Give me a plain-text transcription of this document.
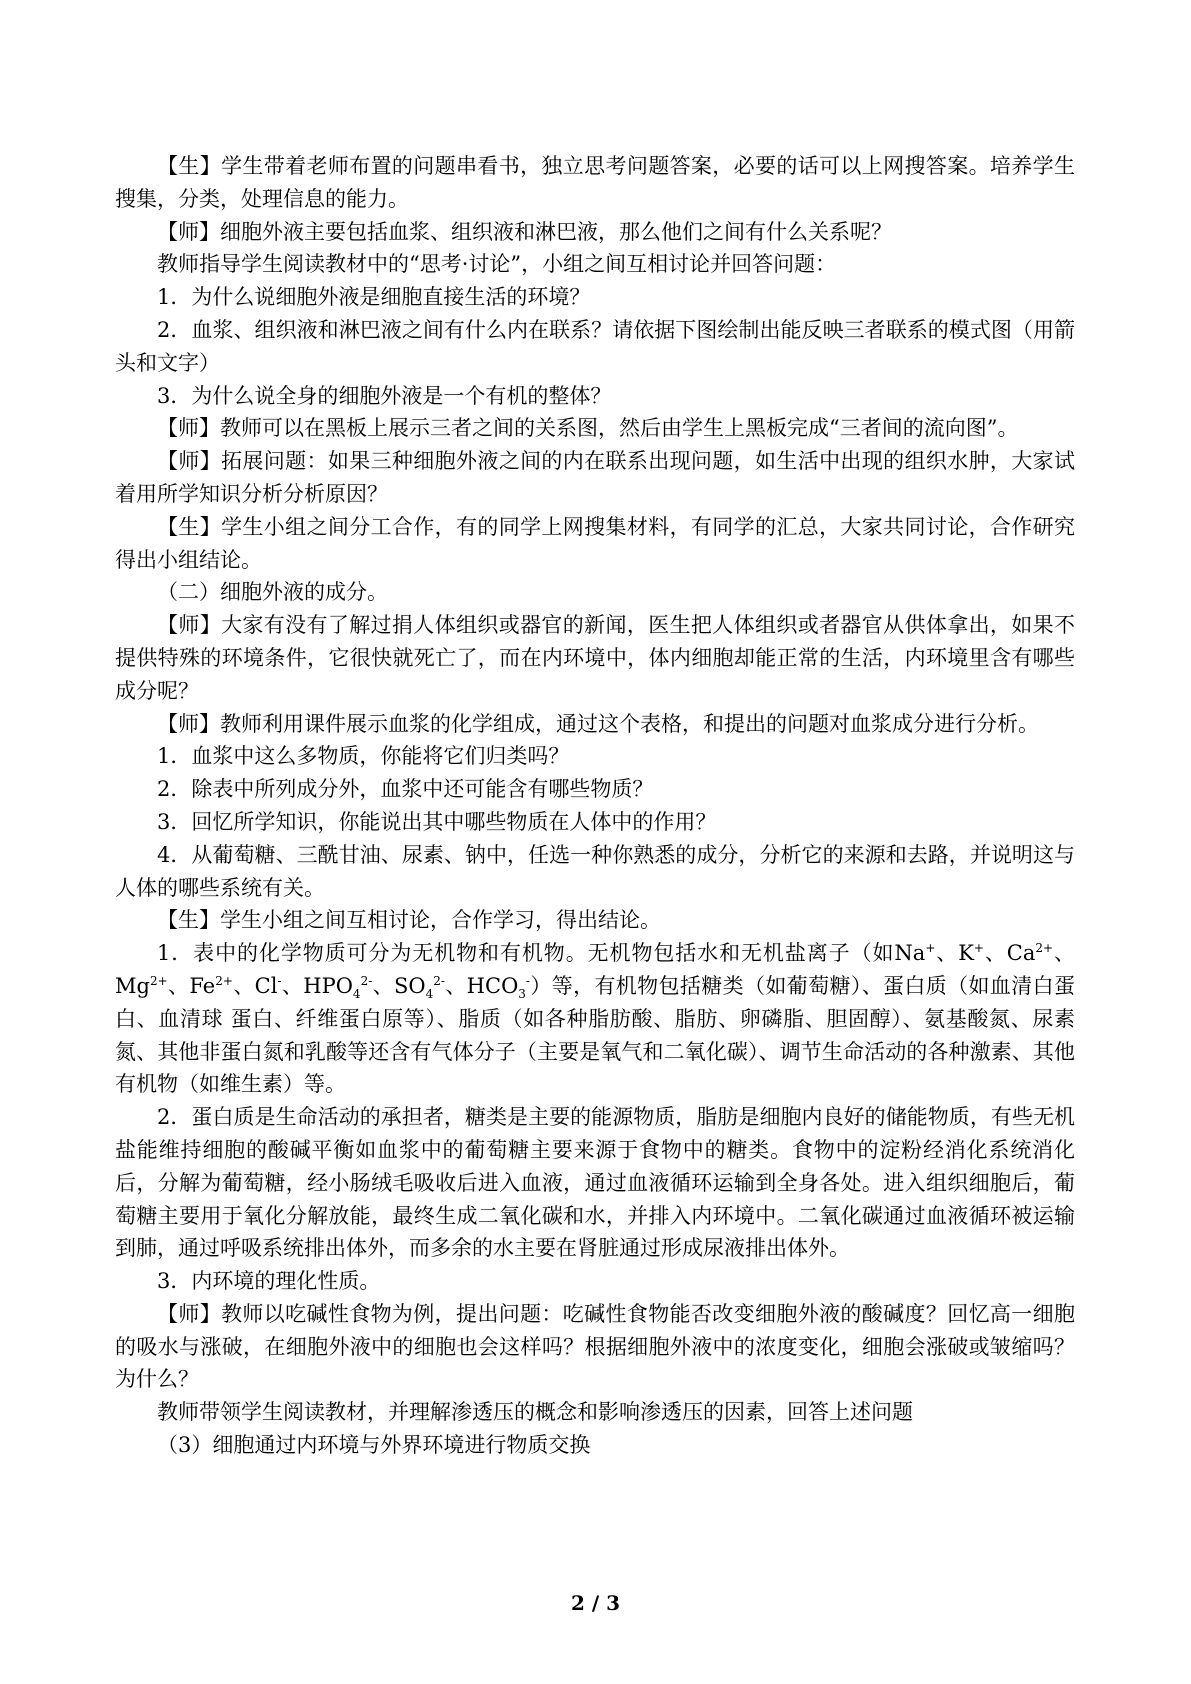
【生】学生带着老师布置的问题串看书，独立思考问题答案，必要的话可以上网搜答案。培养学生搜集，分类，处理信息的能力。

【师】细胞外液主要包括血浆、组织液和淋巴液，那么他们之间有什么关系呢？

教师指导学生阅读教材中的“思考·讨论”，小组之间互相讨论并回答问题：

1．为什么说细胞外液是细胞直接生活的环境？

2．血浆、组织液和淋巴液之间有什么内在联系？请依据下图绘制出能反映三者联系的模式图（用箭头和文字）

3．为什么说全身的细胞外液是一个有机的整体？

【师】教师可以在黑板上展示三者之间的关系图，然后由学生上黑板完成“三者间的流向图”。

【师】拓展问题：如果三种细胞外液之间的内在联系出现问题，如生活中出现的组织水肿，大家试着用所学知识分析分析原因？

【生】学生小组之间分工合作，有的同学上网搜集材料，有同学的汇总，大家共同讨论，合作研究得出小组结论。

（二）细胞外液的成分。

【师】大家有没有了解过捐人体组织或器官的新闻，医生把人体组织或者器官从供体拿出，如果不提供特殊的环境条件，它很快就死亡了，而在内环境中，体内细胞却能正常的生活，内环境里含有哪些成分呢？

【师】教师利用课件展示血浆的化学组成，通过这个表格，和提出的问题对血浆成分进行分析。

1．血浆中这么多物质，你能将它们归类吗？

2．除表中所列成分外，血浆中还可能含有哪些物质？

3．回忆所学知识，你能说出其中哪些物质在人体中的作用？

4．从葡萄糖、三酰甘油、尿素、钠中，任选一种你熟悉的成分，分析它的来源和去路，并说明这与人体的哪些系统有关。

【生】学生小组之间互相讨论，合作学习，得出结论。

1．表中的化学物质可分为无机物和有机物。无机物包括水和无机盐离子（如Na+、K+、$Ca^{2+}$、$Mg^{2+}$、$Fe^{2+}$、Cl-、$HPO_4^{2-}$、$SO_4^{2-}$、$HCO_3^-$）等，有机物包括糖类（如葡萄糖）、蛋白质（如血清白蛋白、血清球 蛋白、纤维蛋白原等）、脂质（如各种脂肪酸、脂肪、卵磷脂、胆固醇）、氨基酸氮、尿素氮、其他非蛋白氮和乳酸等还含有气体分子（主要是氧气和二氧化碳）、调节生命活动的各种激素、其他有机物（如维生素）等。

2．蛋白质是生命活动的承担者，糖类是主要的能源物质，脂肪是细胞内良好的储能物质，有些无机盐能维持细胞的酸碱平衡如血浆中的葡萄糖主要来源于食物中的糖类。食物中的淀粉经消化系统消化后，分解为葡萄糖，经小肠绒毛吸收后进入血液，通过血液循环运输到全身各处。进入组织细胞后，葡萄糖主要用于氧化分解放能，最终生成二氧化碳和水，并排入内环境中。二氧化碳通过血液循环被运输到肺，通过呼吸系统排出体外，而多余的水主要在肾脏通过形成尿液排出体外。

3．内环境的理化性质。

【师】教师以吃碱性食物为例，提出问题：吃碱性食物能否改变细胞外液的酸碱度？回忆高一细胞的吸水与涨破，在细胞外液中的细胞也会这样吗？根据细胞外液中的浓度变化，细胞会涨破或皱缩吗？为什么？

教师带领学生阅读教材，并理解渗透压的概念和影响渗透压的因素，回答上述问题

（3）细胞通过内环境与外界环境进行物质交换

2 / 3
